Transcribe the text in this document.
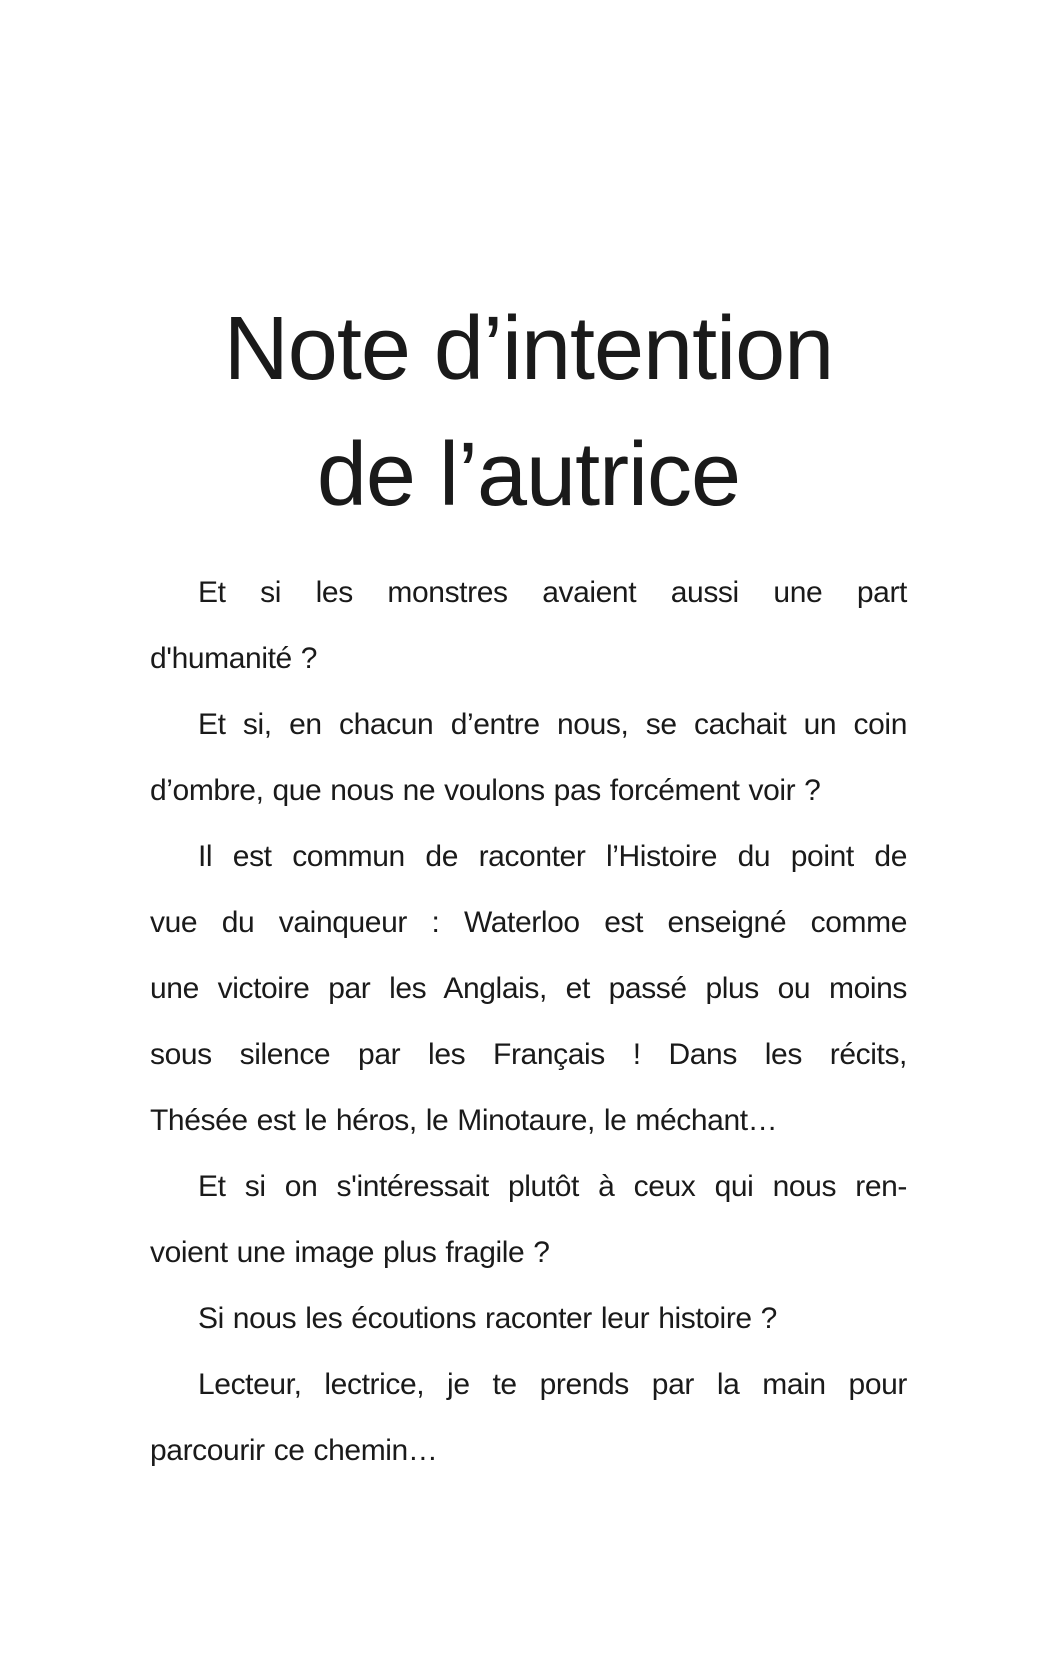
Note d’intention
de l’autrice
Et si les monstres avaient aussi une part
d'humanité ?
Et si, en chacun d’entre nous, se cachait un coin
d’ombre, que nous ne voulons pas forcément voir ?
Il est commun de raconter l’Histoire du point de
vue du vainqueur : Waterloo est enseigné comme
une victoire par les Anglais, et passé plus ou moins
sous silence par les Français ! Dans les récits,
Thésée est le héros, le Minotaure, le méchant…
Et si on s'intéressait plutôt à ceux qui nous ren-
voient une image plus fragile ?
Si nous les écoutions raconter leur histoire ?
Lecteur, lectrice, je te prends par la main pour
parcourir ce chemin…
